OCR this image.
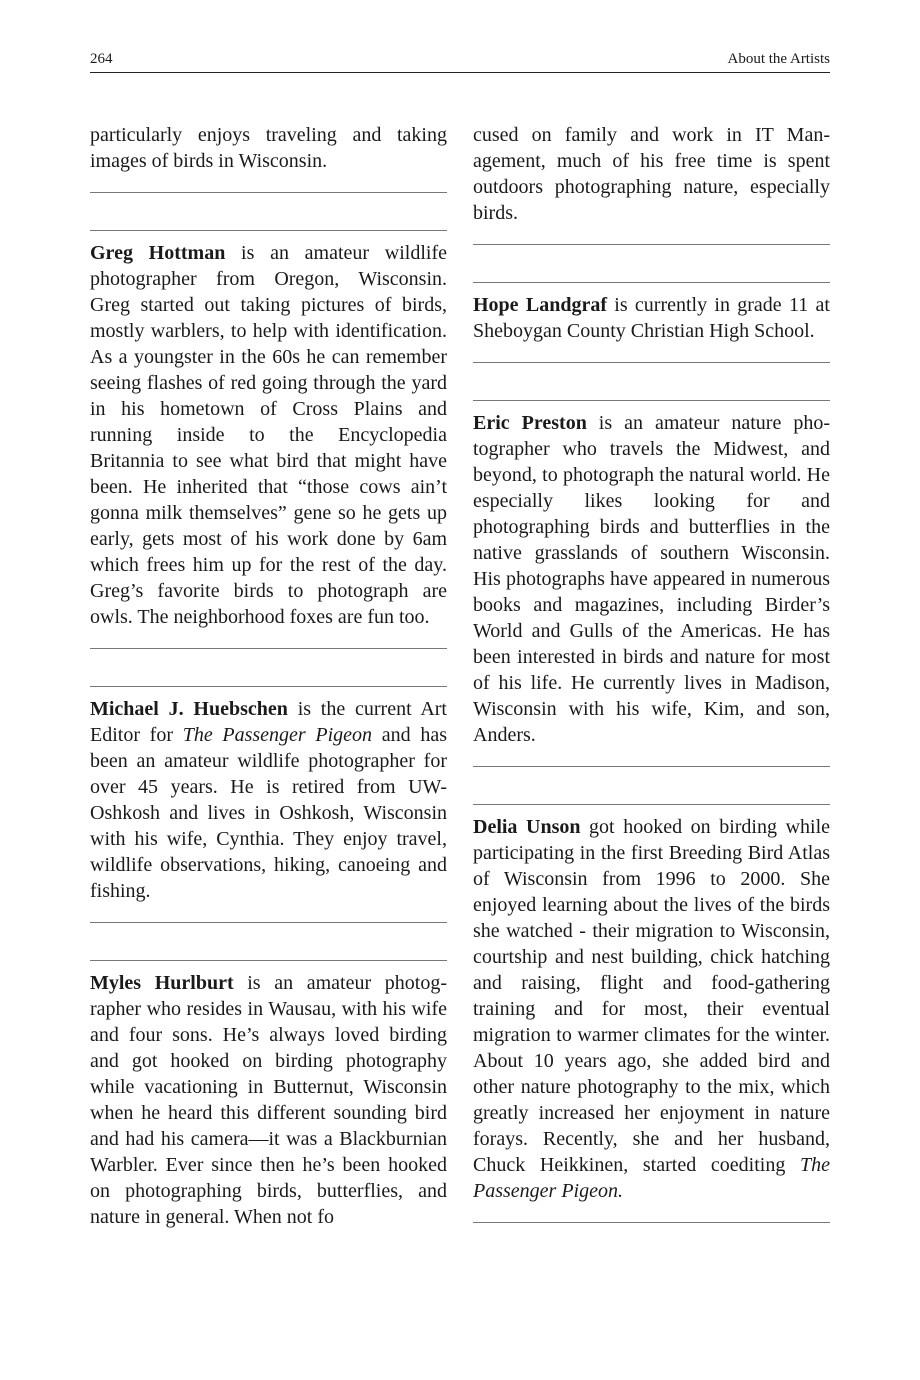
264	About the Artists

particularly enjoys traveling and taking images of birds in Wisconsin.

Greg Hottman is an amateur wildlife photographer from Oregon, Wisconsin. Greg started out taking pictures of birds, mostly warblers, to help with identification. As a youngster in the 60s he can remember seeing flashes of red going through the yard in his hometown of Cross Plains and running inside to the Encyclopedia Britannia to see what bird that might have been. He inherited that “those cows ain’t gonna milk themselves” gene so he gets up early, gets most of his work done by 6am which frees him up for the rest of the day. Greg’s favorite birds to photograph are owls. The neighborhood foxes are fun too.

Michael J. Huebschen is the current Art Editor for The Passenger Pigeon and has been an amateur wildlife photographer for over 45 years. He is retired from UW-Oshkosh and lives in Oshkosh, Wisconsin with his wife, Cynthia. They enjoy travel, wildlife observations, hiking, canoeing and fishing.

Myles Hurlburt is an amateur photographer who resides in Wausau, with his wife and four sons. He’s always loved birding and got hooked on birding photography while vacationing in Butternut, Wisconsin when he heard this different sounding bird and had his camera—it was a Blackburnian Warbler. Ever since then he’s been hooked on photographing birds, butterflies, and nature in general. When not fo

cused on family and work in IT Management, much of his free time is spent outdoors photographing nature, especially birds.

Hope Landgraf is currently in grade 11 at Sheboygan County Christian High School.

Eric Preston is an amateur nature photographer who travels the Midwest, and beyond, to photograph the natural world. He especially likes looking for and photographing birds and butterflies in the native grasslands of southern Wisconsin. His photographs have appeared in numerous books and magazines, including Birder’s World and Gulls of the Americas. He has been interested in birds and nature for most of his life. He currently lives in Madison, Wisconsin with his wife, Kim, and son, Anders.

Delia Unson got hooked on birding while participating in the first Breeding Bird Atlas of Wisconsin from 1996 to 2000. She enjoyed learning about the lives of the birds she watched - their migration to Wisconsin, courtship and nest building, chick hatching and raising, flight and food-gathering training and for most, their eventual migration to warmer climates for the winter. About 10 years ago, she added bird and other nature photography to the mix, which greatly increased her enjoyment in nature forays. Recently, she and her husband, Chuck Heikkinen, started coediting The Passenger Pigeon.
